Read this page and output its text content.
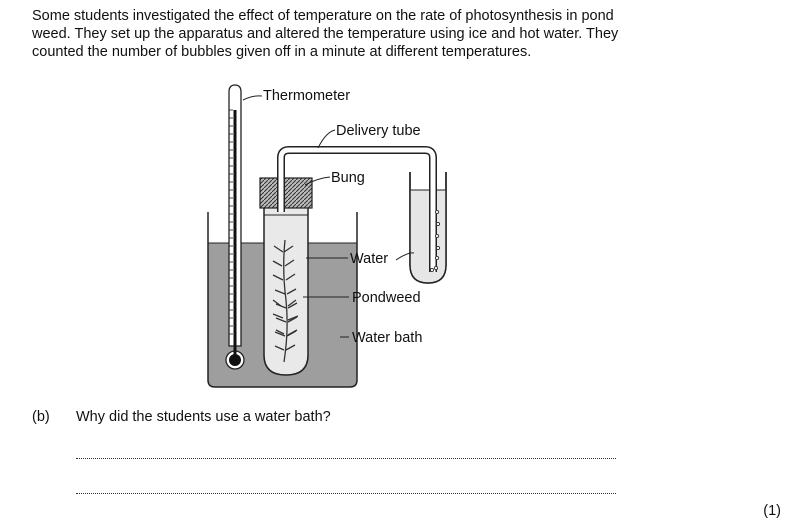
Some students investigated the effect of temperature on the rate of photosynthesis in pond

weed. They set up the apparatus and altered the temperature using ice and hot water. They

counted the number of bubbles given off in a minute at different temperatures.

Thermometer
Delivery tube
Bung
Water
Pondweed
Water bath
(b) Why did the students use a water bath?
(1)
